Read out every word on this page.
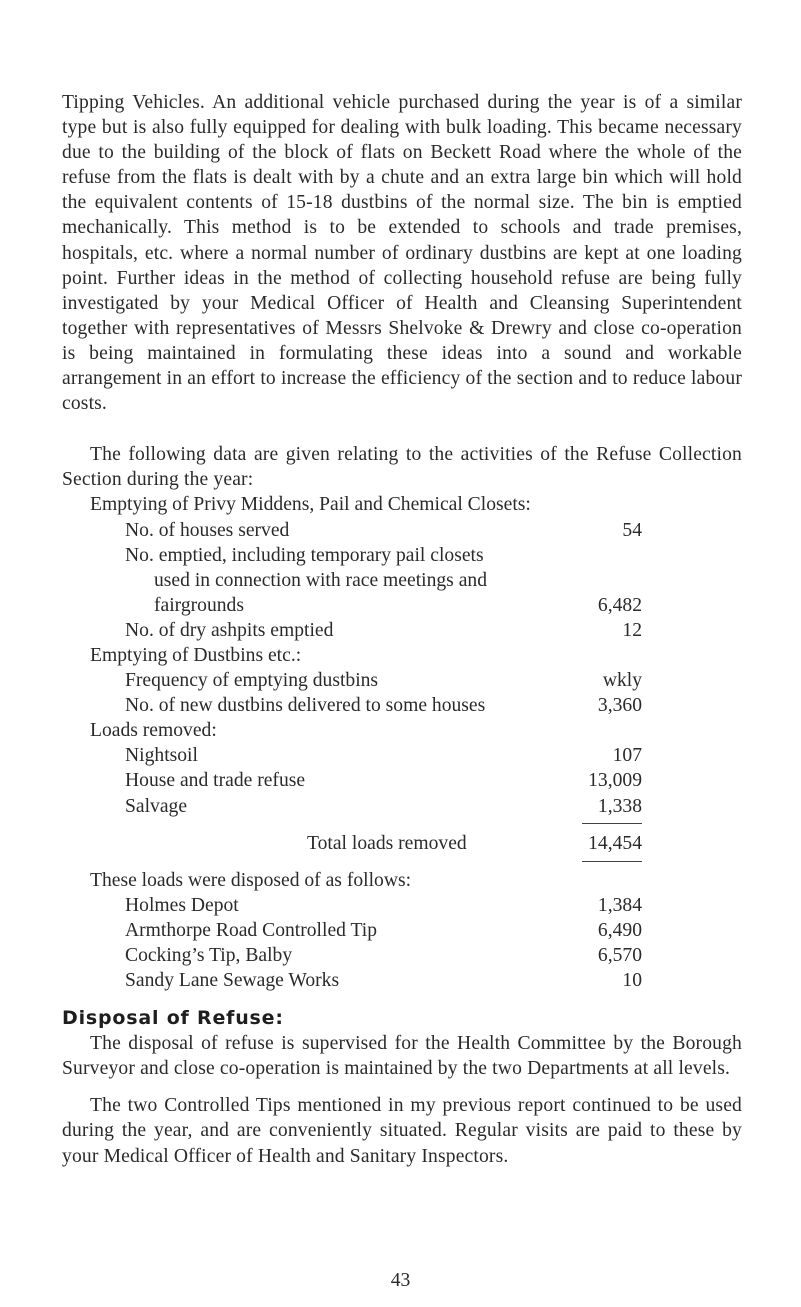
Tipping Vehicles. An additional vehicle purchased during the year is of a similar type but is also fully equipped for dealing with bulk loading. This became necessary due to the building of the block of flats on Beckett Road where the whole of the refuse from the flats is dealt with by a chute and an extra large bin which will hold the equivalent contents of 15-18 dustbins of the normal size. The bin is emptied mechanically. This method is to be extended to schools and trade premises, hospitals, etc. where a normal number of ordinary dustbins are kept at one loading point. Further ideas in the method of collecting household refuse are being fully investigated by your Medical Officer of Health and Cleansing Superintendent together with representatives of Messrs Shelvoke & Drewry and close co-operation is being maintained in formulating these ideas into a sound and workable arrangement in an effort to increase the efficiency of the section and to reduce labour costs.

The following data are given relating to the activities of the Refuse Collection Section during the year:

Emptying of Privy Middens, Pail and Chemical Closets:
No. of houses served	54
No. emptied, including temporary pail closets
used in connection with race meetings and
fairgrounds	6,482
No. of dry ashpits emptied	12
Emptying of Dustbins etc.:
Frequency of emptying dustbins	wkly
No. of new dustbins delivered to some houses	3,360
Loads removed:
Nightsoil	107
House and trade refuse	13,009
Salvage	1,338
Total loads removed	14,454
These loads were disposed of as follows:
Holmes Depot	1,384
Armthorpe Road Controlled Tip	6,490
Cocking’s Tip, Balby	6,570
Sandy Lane Sewage Works	10
Disposal of Refuse:

The disposal of refuse is supervised for the Health Committee by the Borough Surveyor and close co-operation is maintained by the two Departments at all levels.

The two Controlled Tips mentioned in my previous report continued to be used during the year, and are conveniently situated. Regular visits are paid to these by your Medical Officer of Health and Sanitary Inspectors.

43
